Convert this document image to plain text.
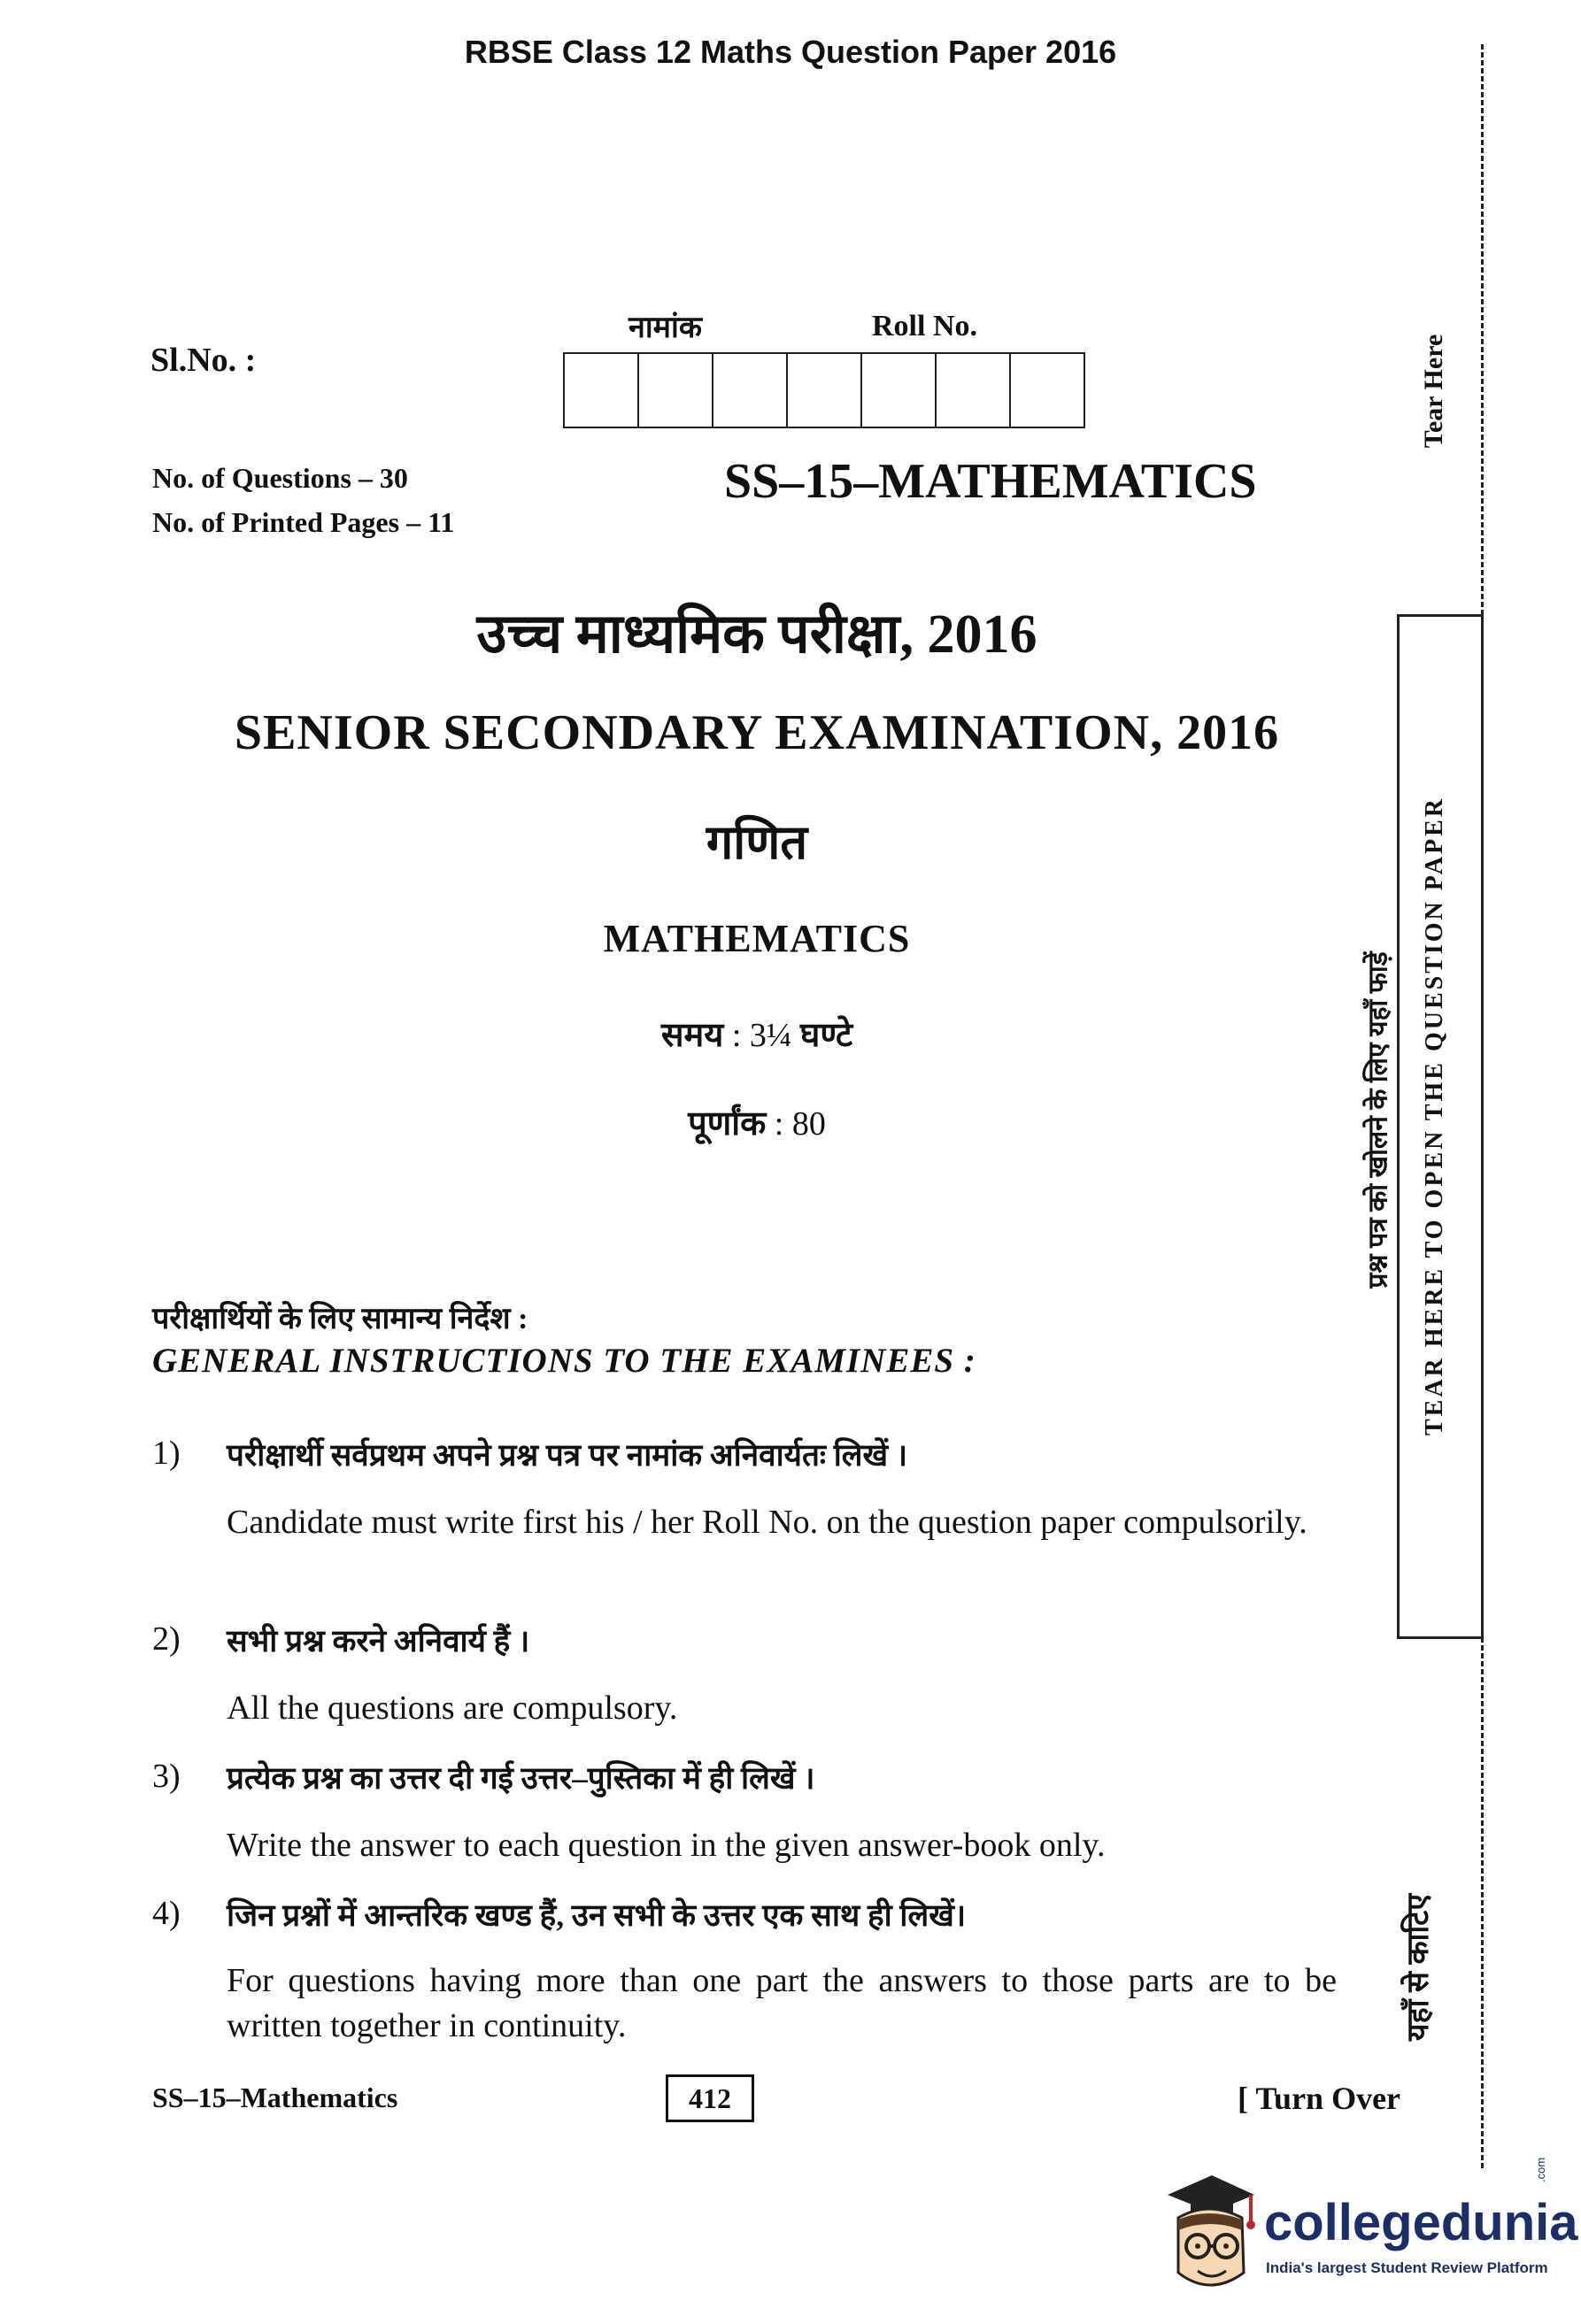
RBSE Class 12 Maths Question Paper 2016
Sl.No. :
नामांक	Roll No.
No. of Questions – 30
No. of Printed Pages – 11
SS–15–MATHEMATICS
उच्च माध्यमिक परीक्षा, 2016
SENIOR SECONDARY EXAMINATION, 2016
गणित
MATHEMATICS
समय : 3¼ घण्टे
पूर्णांक : 80
परीक्षार्थियों के लिए सामान्य निर्देश :
GENERAL INSTRUCTIONS TO THE EXAMINEES :
1) परीक्षार्थी सर्वप्रथम अपने प्रश्न पत्र पर नामांक अनिवार्यतः लिखें ।
Candidate must write first his / her Roll No. on the question paper compulsorily.
2) सभी प्रश्न करने अनिवार्य हैं ।
All the questions are compulsory.
3) प्रत्येक प्रश्न का उत्तर दी गई उत्तर–पुस्तिका में ही लिखें ।
Write the answer to each question in the given answer-book only.
4) जिन प्रश्नों में आन्तरिक खण्ड हैं, उन सभी के उत्तर एक साथ ही लिखें।
For questions having more than one part the answers to those parts are to be written together in continuity.
SS–15–Mathematics	412	[ Turn Over
Tear Here
प्रश्न पत्र को खोलने के लिए यहाँ फाड़ें TEAR HERE TO OPEN THE QUESTION PAPER
यहाँ से काटिए
collegedunia
.com
India's largest Student Review Platform
